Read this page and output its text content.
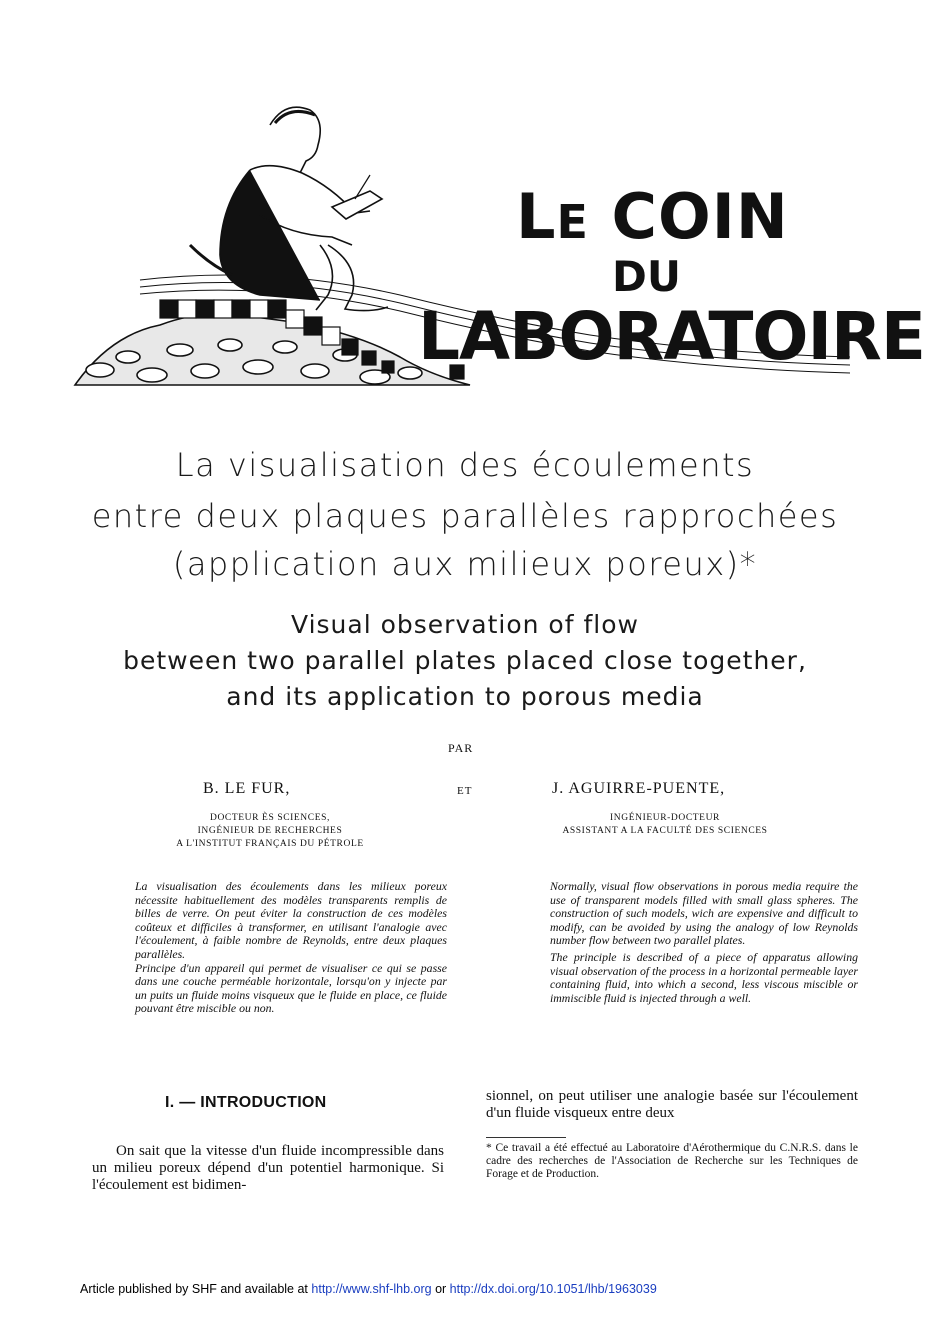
LE COIN
DU
LABORATOIRE
La visualisation des écoulements
entre deux plaques parallèles rapprochées
(application aux milieux poreux)*
Visual observation of flow
between two parallel plates placed close together,
and its application to porous media
PAR
B. LE FUR,	ET	J. AGUIRRE-PUENTE,
DOCTEUR ÈS SCIENCES,
INGÉNIEUR DE RECHERCHES
A L'INSTITUT FRANÇAIS DU PÉTROLE
INGÉNIEUR-DOCTEUR
ASSISTANT A LA FACULTÉ DES SCIENCES

La visualisation des écoulements dans les milieux poreux nécessite habituellement des modèles transparents remplis de billes de verre. On peut éviter la construction de ces modèles coûteux et difficiles à transformer, en utilisant l'analogie avec l'écoulement, à faible nombre de Reynolds, entre deux plaques parallèles.

Principe d'un appareil qui permet de visualiser ce qui se passe dans une couche perméable horizontale, lorsqu'on y injecte par un puits un fluide moins visqueux que le fluide en place, ce fluide pouvant être miscible ou non.

Normally, visual flow observations in porous media require the use of transparent models filled with small glass spheres. The construction of such models, wich are expensive and difficult to modify, can be avoided by using the analogy of low Reynolds number flow between two parallel plates.

The principle is described of a piece of apparatus allowing visual observation of the process in a horizontal permeable layer containing fluid, into which a second, less viscous miscible or immiscible fluid is injected through a well.

I. — INTRODUCTION

On sait que la vitesse d'un fluide incompressible dans un milieu poreux dépend d'un potentiel harmonique. Si l'écoulement est bidimen-

sionnel, on peut utiliser une analogie basée sur l'écoulement d'un fluide visqueux entre deux

* Ce travail a été effectué au Laboratoire d'Aérothermique du C.N.R.S. dans le cadre des recherches de l'Association de Recherche sur les Techniques de Forage et de Production.
Article published by SHF and available at http://www.shf-lhb.org or http://dx.doi.org/10.1051/lhb/1963039
